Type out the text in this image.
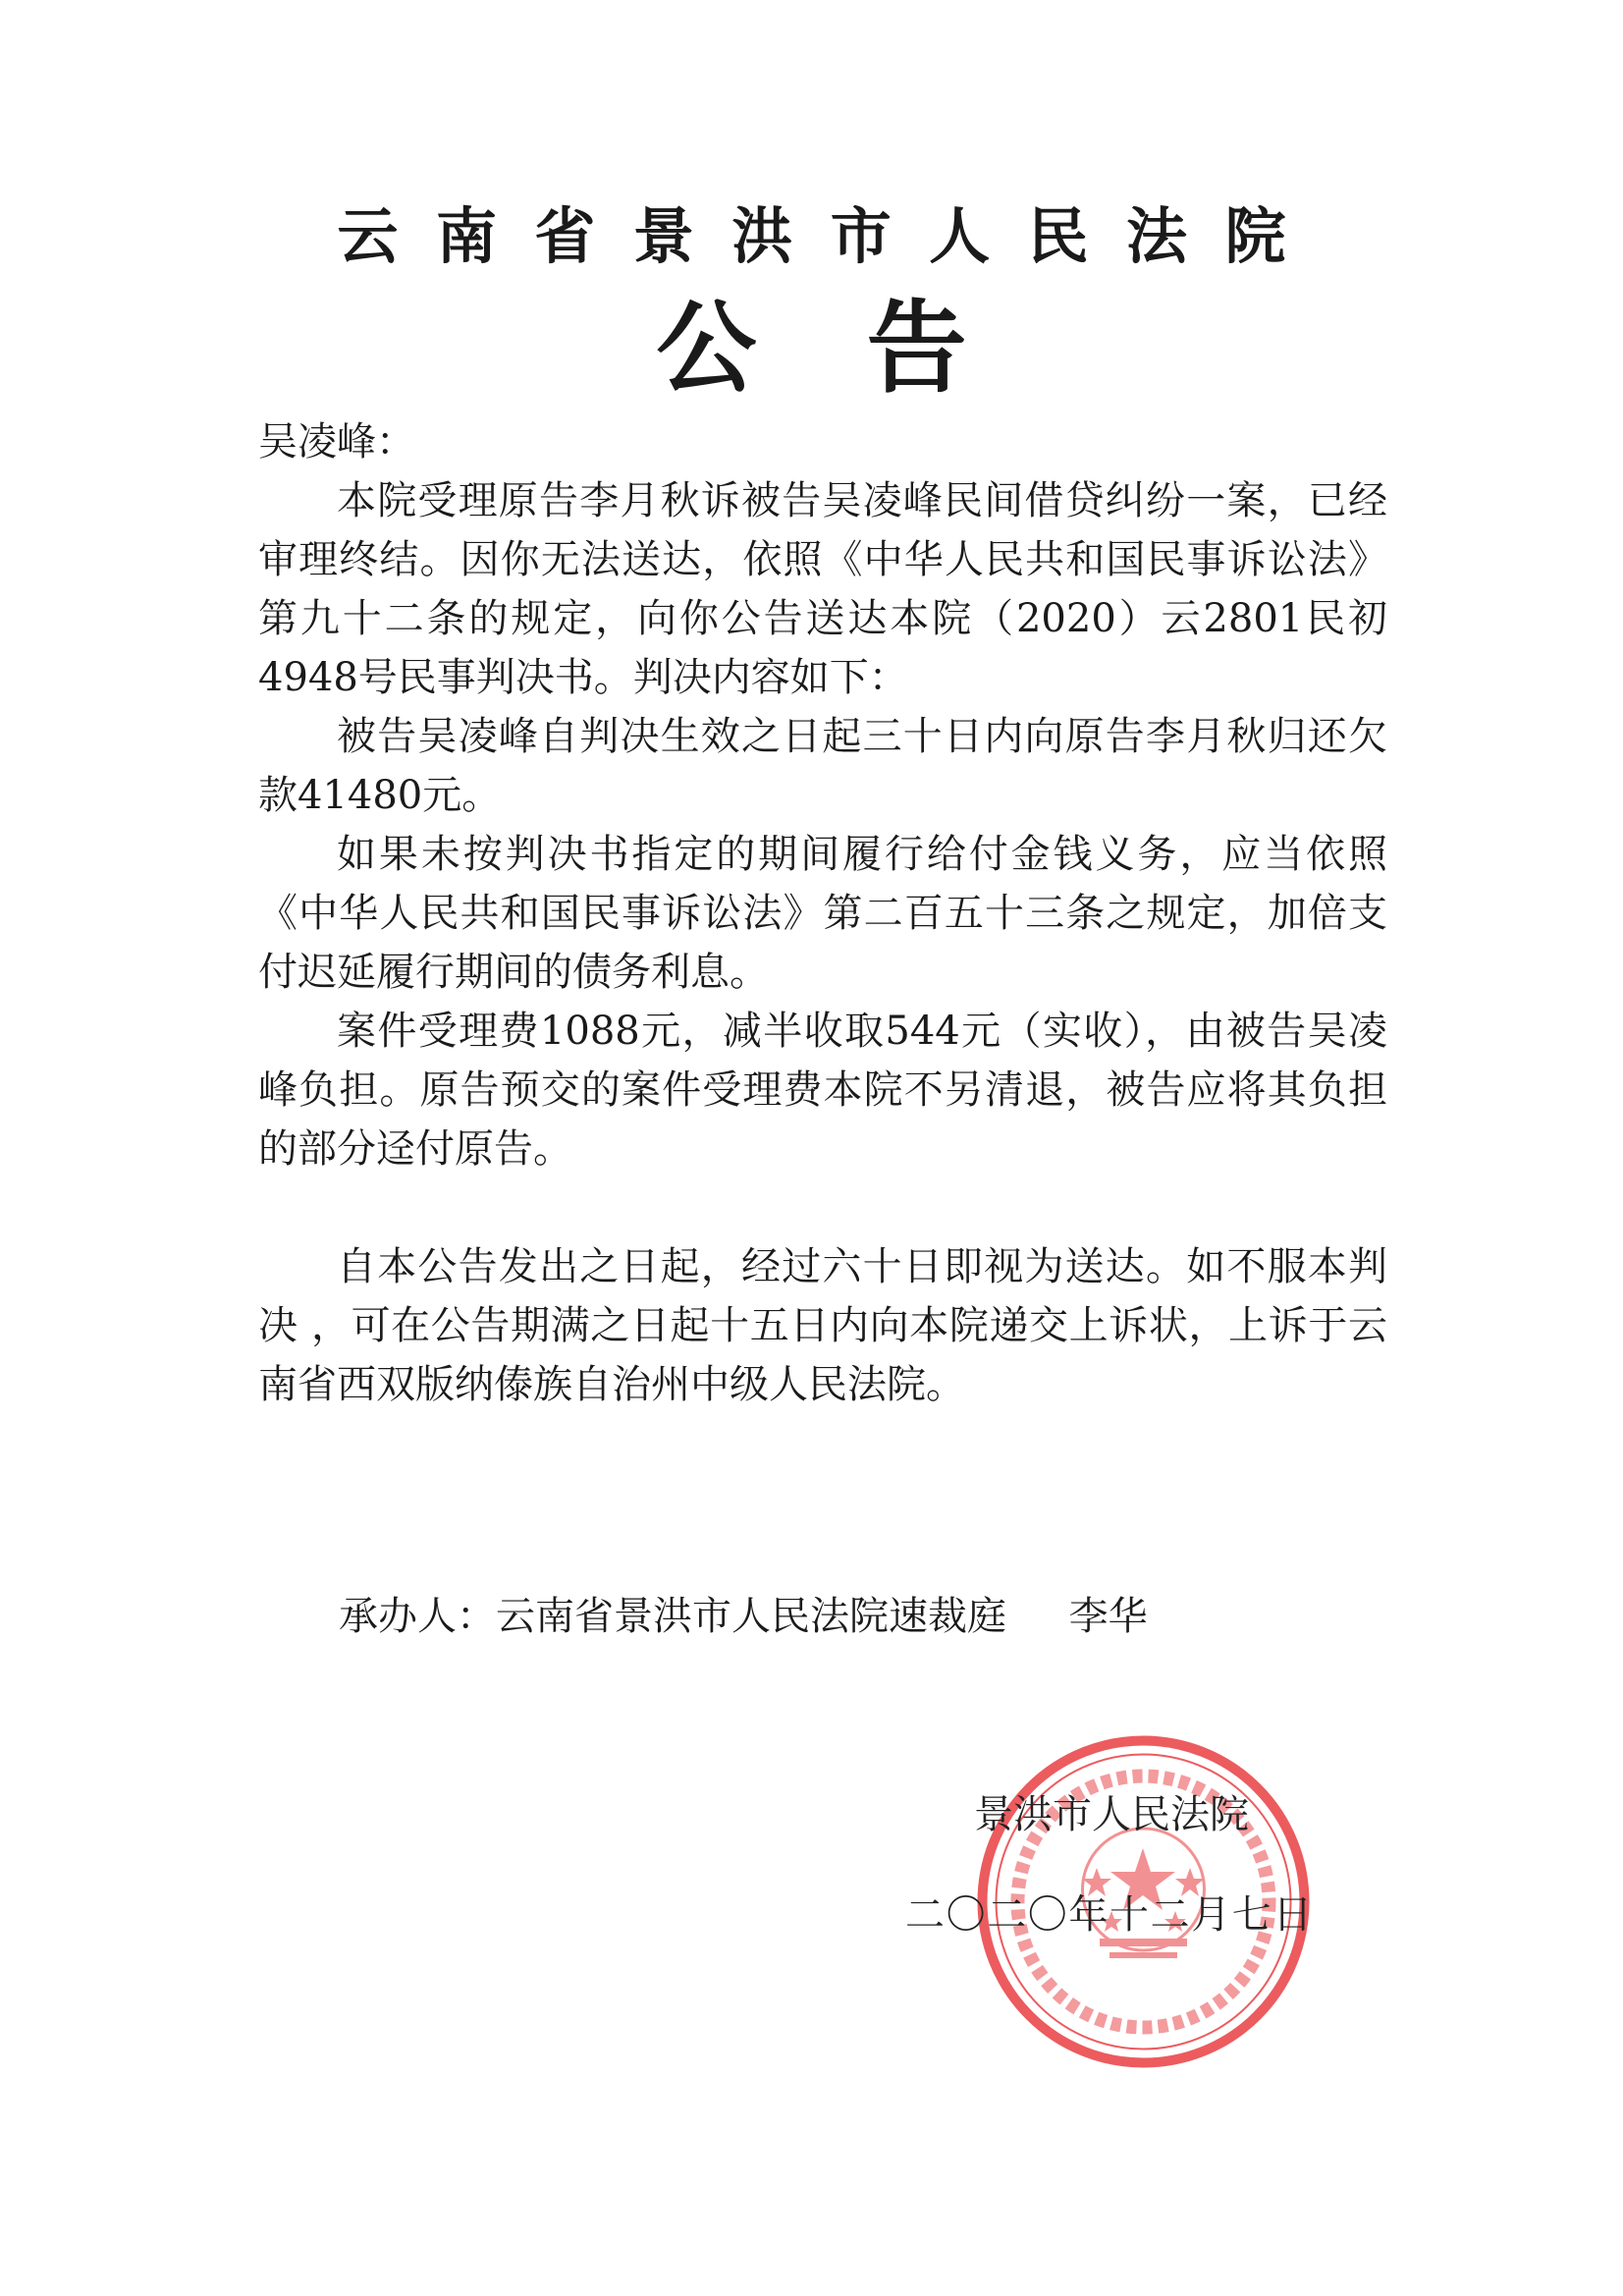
云南省景洪市人民法院
公告

吴凌峰：

本院受理原告李月秋诉被告吴凌峰民间借贷纠纷一案，已经审理终结。因你无法送达，依照《中华人民共和国民事诉讼法》第九十二条的规定，向你公告送达本院（2020）云2801民初4948号民事判决书。判决内容如下：

被告吴凌峰自判决生效之日起三十日内向原告李月秋归还欠款41480元。

如果未按判决书指定的期间履行给付金钱义务，应当依照《中华人民共和国民事诉讼法》第二百五十三条之规定，加倍支付迟延履行期间的债务利息。

案件受理费1088元，减半收取544元（实收），由被告吴凌峰负担。原告预交的案件受理费本院不另清退，被告应将其负担的部分迳付原告。

自本公告发出之日起，经过六十日即视为送达。如不服本判决 ，可在公告期满之日起十五日内向本院递交上诉状，上诉于云南省西双版纳傣族自治州中级人民法院。

承办人：云南省景洪市人民法院速裁庭     李华
景洪市人民法院
二〇二〇年十二月七日
